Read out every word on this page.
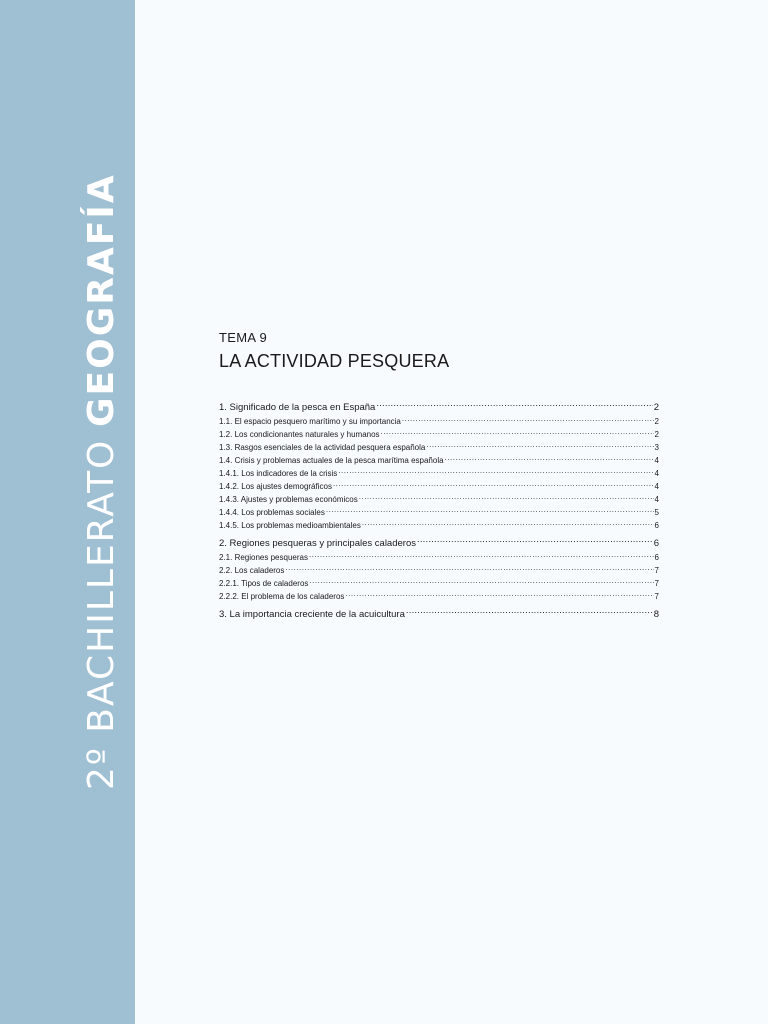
2º BACHILLERATO GEOGRAFÍA	TEMA 9
LA ACTIVIDAD PESQUERA
1. Significado de la pesca en España .....	2
1.1. El espacio pesquero marítimo y su importancia .....	2
1.2. Los condicionantes naturales y humanos .....	2
1.3. Rasgos esenciales de la actividad pesquera española .....	3
1.4. Crisis y problemas actuales de la pesca marítima española .....	4
1.4.1. Los indicadores de la crisis .....	4
1.4.2. Los ajustes demográficos .....	4
1.4.3. Ajustes y problemas económicos .....	4
1.4.4. Los problemas sociales .....	5
1.4.5. Los problemas medioambientales .....	6
2. Regiones pesqueras y principales caladeros .....	6
2.1. Regiones pesqueras .....	6
2.2. Los caladeros .....	7
2.2.1. Tipos de caladeros .....	7
2.2.2. El problema de los caladeros .....	7
3. La importancia creciente de la acuicultura .....	8
